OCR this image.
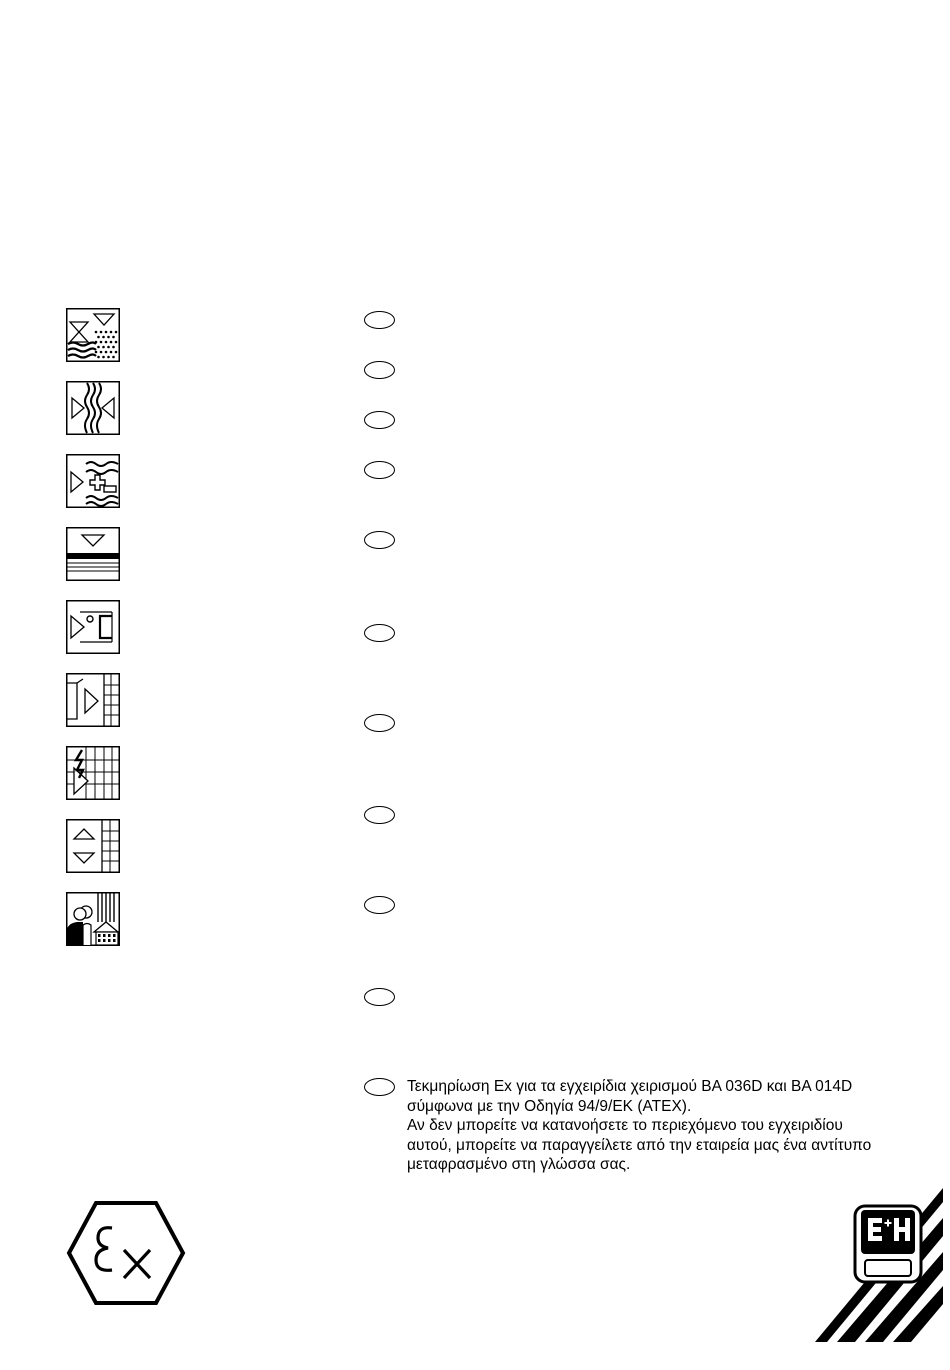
Τεκμηρίωση Ex για τα εγχειρίδια χειρισμού BA 036D και BA 014D
σύμφωνα με την Οδηγία 94/9/ΕΚ (ATEX).
Αν δεν μπορείτε να κατανοήσετε το περιεχόμενο του εγχειριδίου
αυτού, μπορείτε να παραγγείλετε από την εταιρεία μας ένα αντίτυπο
μεταφρασμένο στη γλώσσα σας.
